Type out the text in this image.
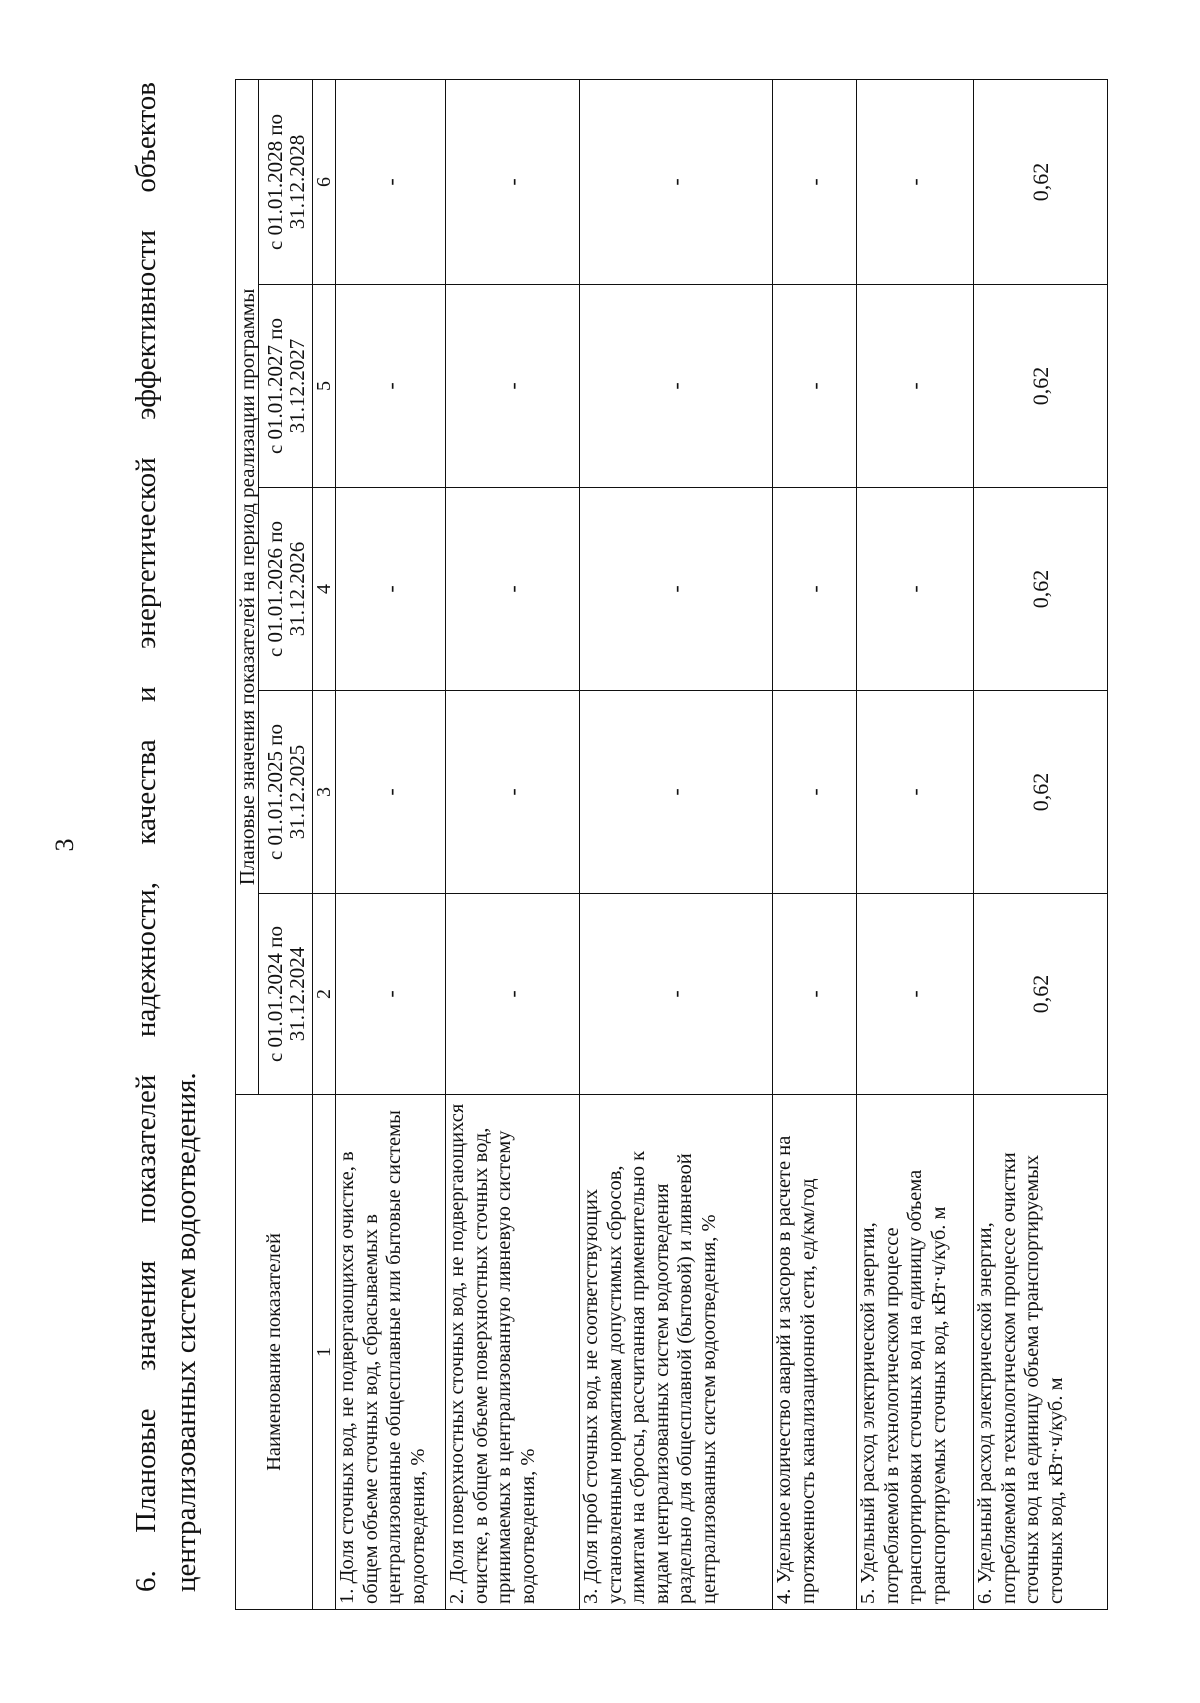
3 6. Плановые значения показателей надежности, качества и энергетической эффективности объектов централизованных систем водоотведения.	Наименование показателей	Плановые значения показателей на период реализации программы				
	с 01.01.2024 по 31.12.2024	с 01.01.2025 по 31.12.2025	с 01.01.2026 по 31.12.2026	с 01.01.2027 по 31.12.2027	с 01.01.2028 по 31.12.2028
1	2	3	4	5	6
1. Доля сточных вод, не подвергающихся очистке, в общем объеме сточных вод, сбрасываемых в централизованные общесплавные или бытовые системы водоотведения, %	-	-	-	-	-
2. Доля поверхностных сточных вод, не подвергающихся очистке, в общем объеме поверхностных сточных вод, принимаемых в централизованную ливневую систему водоотведения, %	-	-	-	-	-
3. Доля проб сточных вод, не соответствующих установленным нормативам допустимых сбросов, лимитам на сбросы, рассчитанная применительно к видам централизованных систем водоотведения раздельно для общесплавной (бытовой) и ливневой централизованных систем водоотведения, %	-	-	-	-	-
4. Удельное количество аварий и засоров в расчете на протяженность канализационной сети, ед/км/год	-	-	-	-	-
5. Удельный расход электрической энергии, потребляемой в технологическом процессе транспортировки сточных вод на единицу объема транспортируемых сточных вод, кВт·ч/куб. м	-	-	-	-	-
6. Удельный расход электрической энергии, потребляемой в технологическом процессе очистки сточных вод на единицу объема транспортируемых сточных вод, кВт·ч/куб. м	0,62	0,62	0,62	0,62	0,62
